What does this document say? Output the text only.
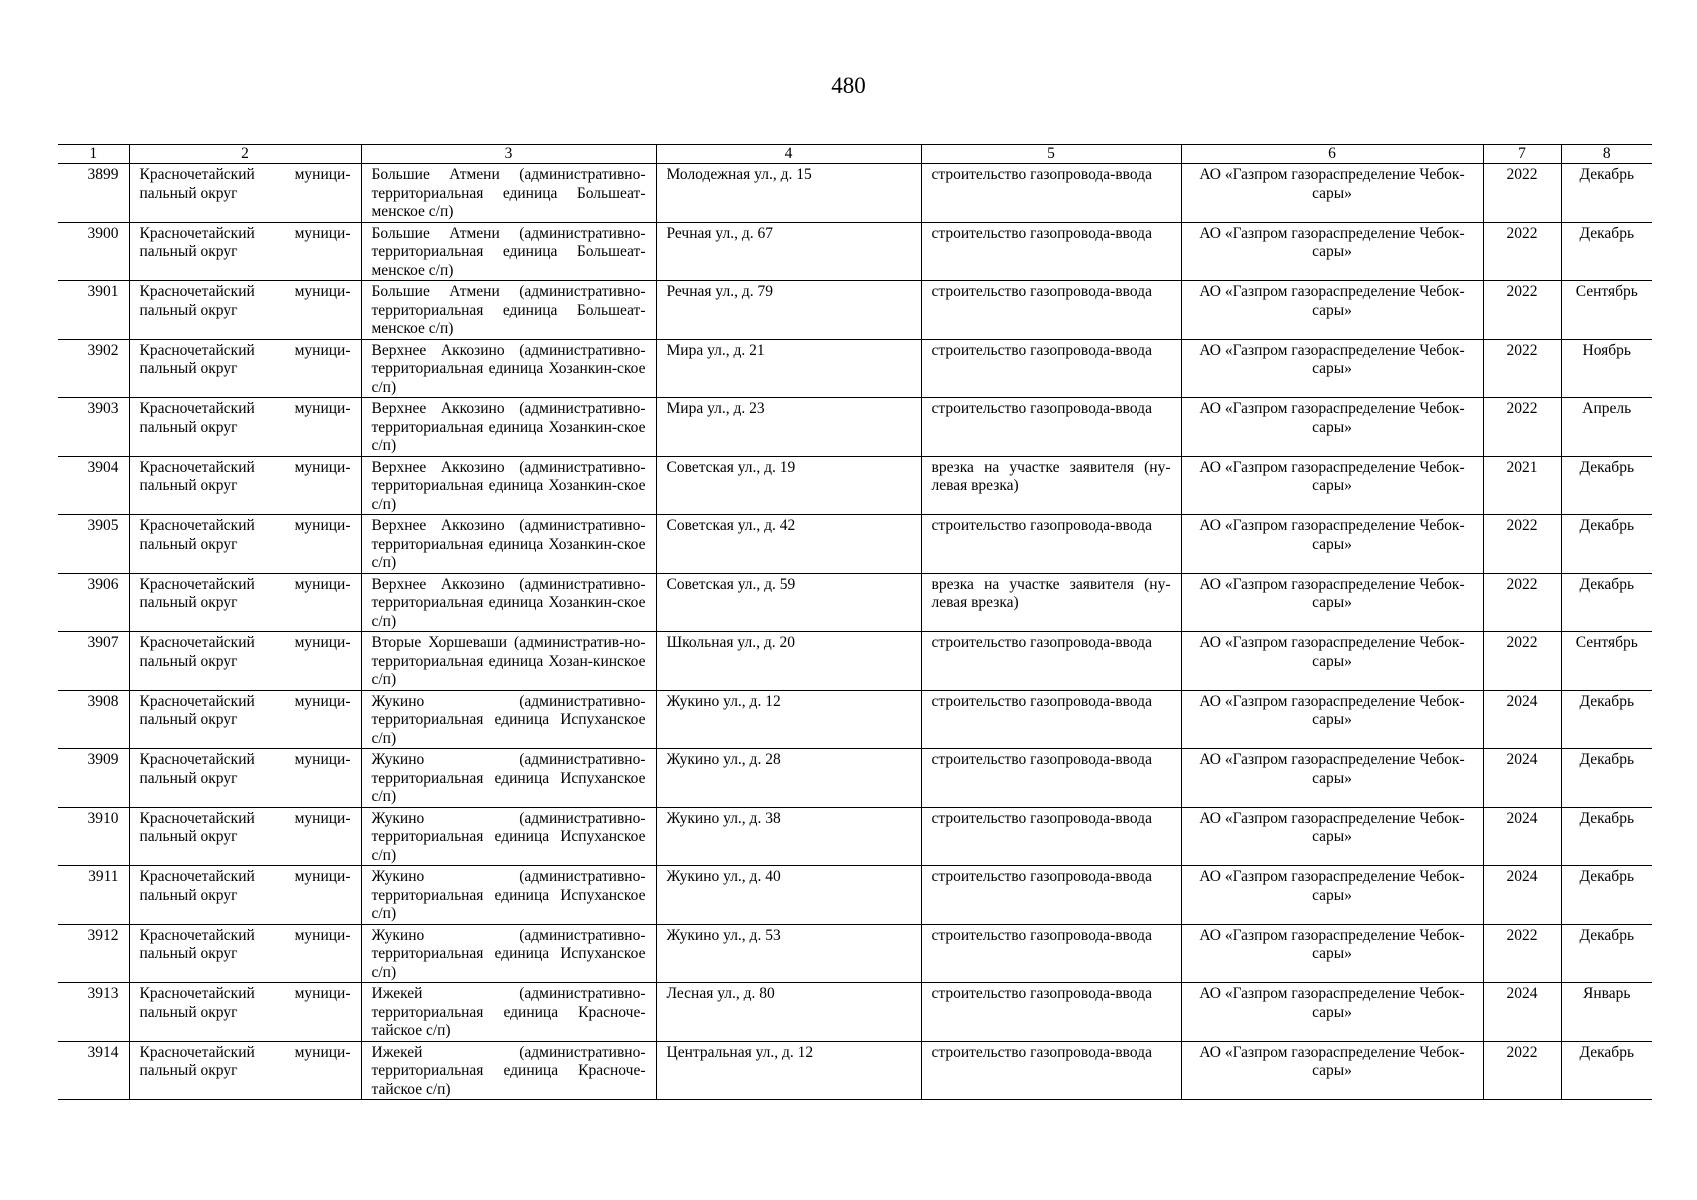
480
1	2	3	4	5	6	7	8
3899	Красночетайский муници-пальный округ	Большие Атмени (административно-территориальная единица Большеат-менское с/п)	Молодежная ул., д. 15	строительство газопровода-ввода	АО «Газпром газораспределение Чебок-сары»	2022	Декабрь
3900	Красночетайский муници-пальный округ	Большие Атмени (административно-территориальная единица Большеат-менское с/п)	Речная ул., д. 67	строительство газопровода-ввода	АО «Газпром газораспределение Чебок-сары»	2022	Декабрь
3901	Красночетайский муници-пальный округ	Большие Атмени (административно-территориальная единица Большеат-менское с/п)	Речная ул., д. 79	строительство газопровода-ввода	АО «Газпром газораспределение Чебок-сары»	2022	Сентябрь
3902	Красночетайский муници-пальный округ	Верхнее Аккозино (административно-территориальная единица Хозанкин-ское с/п)	Мира ул., д. 21	строительство газопровода-ввода	АО «Газпром газораспределение Чебок-сары»	2022	Ноябрь
3903	Красночетайский муници-пальный округ	Верхнее Аккозино (административно-территориальная единица Хозанкин-ское с/п)	Мира ул., д. 23	строительство газопровода-ввода	АО «Газпром газораспределение Чебок-сары»	2022	Апрель
3904	Красночетайский муници-пальный округ	Верхнее Аккозино (административно-территориальная единица Хозанкин-ское с/п)	Советская ул., д. 19	врезка на участке заявителя (ну-левая врезка)	АО «Газпром газораспределение Чебок-сары»	2021	Декабрь
3905	Красночетайский муници-пальный округ	Верхнее Аккозино (административно-территориальная единица Хозанкин-ское с/п)	Советская ул., д. 42	строительство газопровода-ввода	АО «Газпром газораспределение Чебок-сары»	2022	Декабрь
3906	Красночетайский муници-пальный округ	Верхнее Аккозино (административно-территориальная единица Хозанкин-ское с/п)	Советская ул., д. 59	врезка на участке заявителя (ну-левая врезка)	АО «Газпром газораспределение Чебок-сары»	2022	Декабрь
3907	Красночетайский муници-пальный округ	Вторые Хоршеваши (административ-но-территориальная единица Хозан-кинское с/п)	Школьная ул., д. 20	строительство газопровода-ввода	АО «Газпром газораспределение Чебок-сары»	2022	Сентябрь
3908	Красночетайский муници-пальный округ	Жукино (административно-территориальная единица Испуханское с/п)	Жукино ул., д. 12	строительство газопровода-ввода	АО «Газпром газораспределение Чебок-сары»	2024	Декабрь
3909	Красночетайский муници-пальный округ	Жукино (административно-территориальная единица Испуханское с/п)	Жукино ул., д. 28	строительство газопровода-ввода	АО «Газпром газораспределение Чебок-сары»	2024	Декабрь
3910	Красночетайский муници-пальный округ	Жукино (административно-территориальная единица Испуханское с/п)	Жукино ул., д. 38	строительство газопровода-ввода	АО «Газпром газораспределение Чебок-сары»	2024	Декабрь
3911	Красночетайский муници-пальный округ	Жукино (административно-территориальная единица Испуханское с/п)	Жукино ул., д. 40	строительство газопровода-ввода	АО «Газпром газораспределение Чебок-сары»	2024	Декабрь
3912	Красночетайский муници-пальный округ	Жукино (административно-территориальная единица Испуханское с/п)	Жукино ул., д. 53	строительство газопровода-ввода	АО «Газпром газораспределение Чебок-сары»	2022	Декабрь
3913	Красночетайский муници-пальный округ	Ижекей (административно-территориальная единица Красноче-тайское с/п)	Лесная ул., д. 80	строительство газопровода-ввода	АО «Газпром газораспределение Чебок-сары»	2024	Январь
3914	Красночетайский муници-пальный округ	Ижекей (административно-территориальная единица Красноче-тайское с/п)	Центральная ул., д. 12	строительство газопровода-ввода	АО «Газпром газораспределение Чебок-сары»	2022	Декабрь
